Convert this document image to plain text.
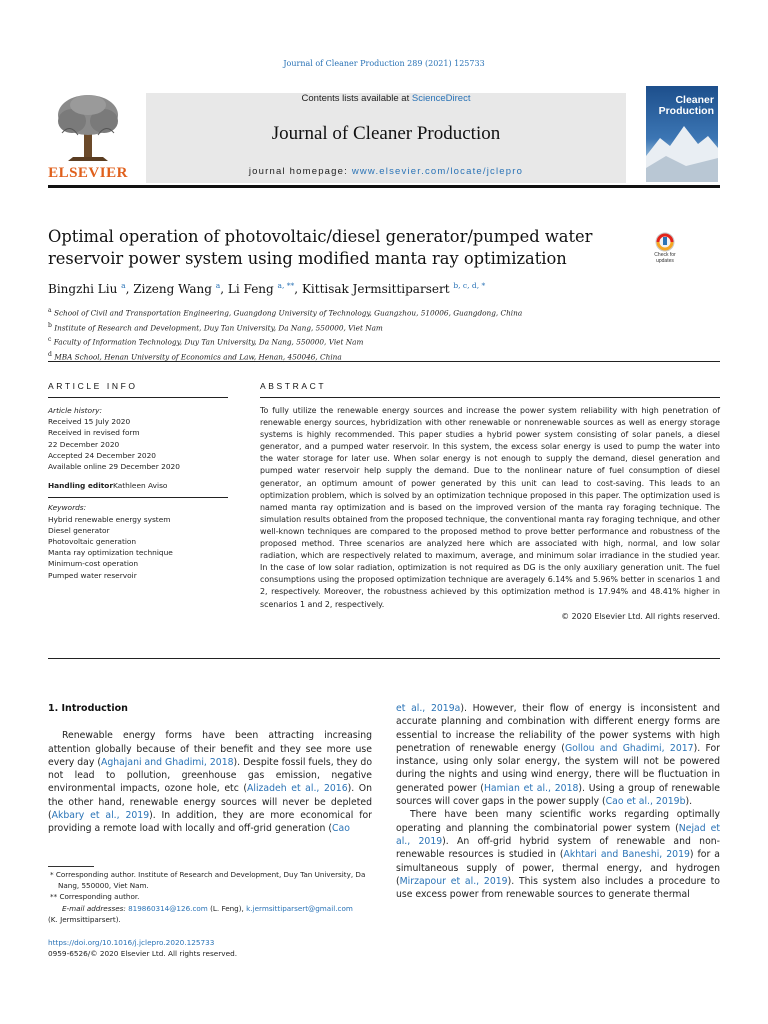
Journal of Cleaner Production 289 (2021) 125733
ELSEVIER
Contents lists available at ScienceDirect
Journal of Cleaner Production
journal homepage: www.elsevier.com/locate/jclepro
Cleaner
Production
Optimal operation of photovoltaic/diesel generator/pumped water
reservoir power system using modified manta ray optimization	Check for
updates
Bingzhi Liu $^a$, Zizeng Wang $^a$, Li Feng $^{a, **}$, Kittisak Jermsittiparsert $^{b, c, d, *}$
$^a$ School of Civil and Transportation Engineering, Guangdong University of Technology, Guangzhou, 510006, Guangdong, China
$^b$ Institute of Research and Development, Duy Tan University, Da Nang, 550000, Viet Nam
$^c$ Faculty of Information Technology, Duy Tan University, Da Nang, 550000, Viet Nam
$^d$ MBA School, Henan University of Economics and Law, Henan, 450046, China
ARTICLE INFO	ABSTRACT
Article history:
Received 15 July 2020
Received in revised form
22 December 2020
Accepted 24 December 2020
Available online 29 December 2020
Handling editorKathleen Aviso
Keywords:
Hybrid renewable energy system
Diesel generator
Photovoltaic generation
Manta ray optimization technique
Minimum-cost operation
Pumped water reservoir
To fully utilize the renewable energy sources and increase the power system reliability with high penetration of renewable energy sources, hybridization with other renewable or nonrenewable sources as well as energy storage systems is highly recommended. This paper studies a hybrid power system consisting of solar panels, a diesel generator, and a pumped water reservoir. In this system, the excess solar energy is used to pump the water into the water storage for later use. When solar energy is not enough to supply the demand, diesel generation and pumped water reservoir help supply the demand. Due to the nonlinear nature of fuel consumption of diesel generator, an optimum amount of power generated by this unit can lead to cost-saving. This leads to an optimization problem, which is solved by an optimization technique proposed in this paper. The optimization used is named manta ray optimization and is based on the improved version of the manta ray foraging technique. The simulation results obtained from the proposed technique, the conventional manta ray foraging technique, and other well-known techniques are compared to the proposed method to prove better performance and robustness of the proposed method. Three scenarios are analyzed here which are associated with high, normal, and low solar radiation, which are respectively related to maximum, average, and minimum solar irradiance in the studied year. In the case of low solar radiation, optimization is not required as DG is the only auxiliary generation unit. The fuel consumptions using the proposed optimization technique are averagely 6.14% and 5.96% better in scenarios 1 and 2, respectively. Moreover, the robustness achieved by this optimization method is 17.94% and 48.41% higher in scenarios 1 and 2, respectively.
© 2020 Elsevier Ltd. All rights reserved.
1. Introduction

Renewable energy forms have been attracting increasing attention globally because of their benefit and they see more use every day (Aghajani and Ghadimi, 2018). Despite fossil fuels, they do not lead to pollution, greenhouse gas emission, negative environmental impacts, ozone hole, etc (Alizadeh et al., 2016). On the other hand, renewable energy sources will never be depleted (Akbary et al., 2019). In addition, they are more economical for providing a remote load with locally and off-grid generation (Cao

et al., 2019a). However, their flow of energy is inconsistent and accurate planning and combination with different energy forms are essential to increase the reliability of the power systems with high penetration of renewable energy (Gollou and Ghadimi, 2017). For instance, using only solar energy, the system will not be powered during the nights and using wind energy, there will be fluctuation in generated power (Hamian et al., 2018). Using a group of renewable sources will cover gaps in the power supply (Cao et al., 2019b).

There have been many scientific works regarding optimally operating and planning the combinatorial power system (Nejad et al., 2019). An off-grid hybrid system of renewable and non-renewable resources is studied in (Akhtari and Baneshi, 2019) for a simultaneous supply of power, thermal energy, and hydrogen (Mirzapour et al., 2019). This system also includes a procedure to use excess power from renewable sources to generate thermal

* Corresponding author. Institute of Research and Development, Duy Tan University, Da Nang, 550000, Viet Nam.

** Corresponding author.

E-mail addresses: 819860314@126.com (L. Feng), k.jermsittiparsert@gmail.com

(K. Jermsittiparsert).

https://doi.org/10.1016/j.jclepro.2020.125733
0959-6526/© 2020 Elsevier Ltd. All rights reserved.
